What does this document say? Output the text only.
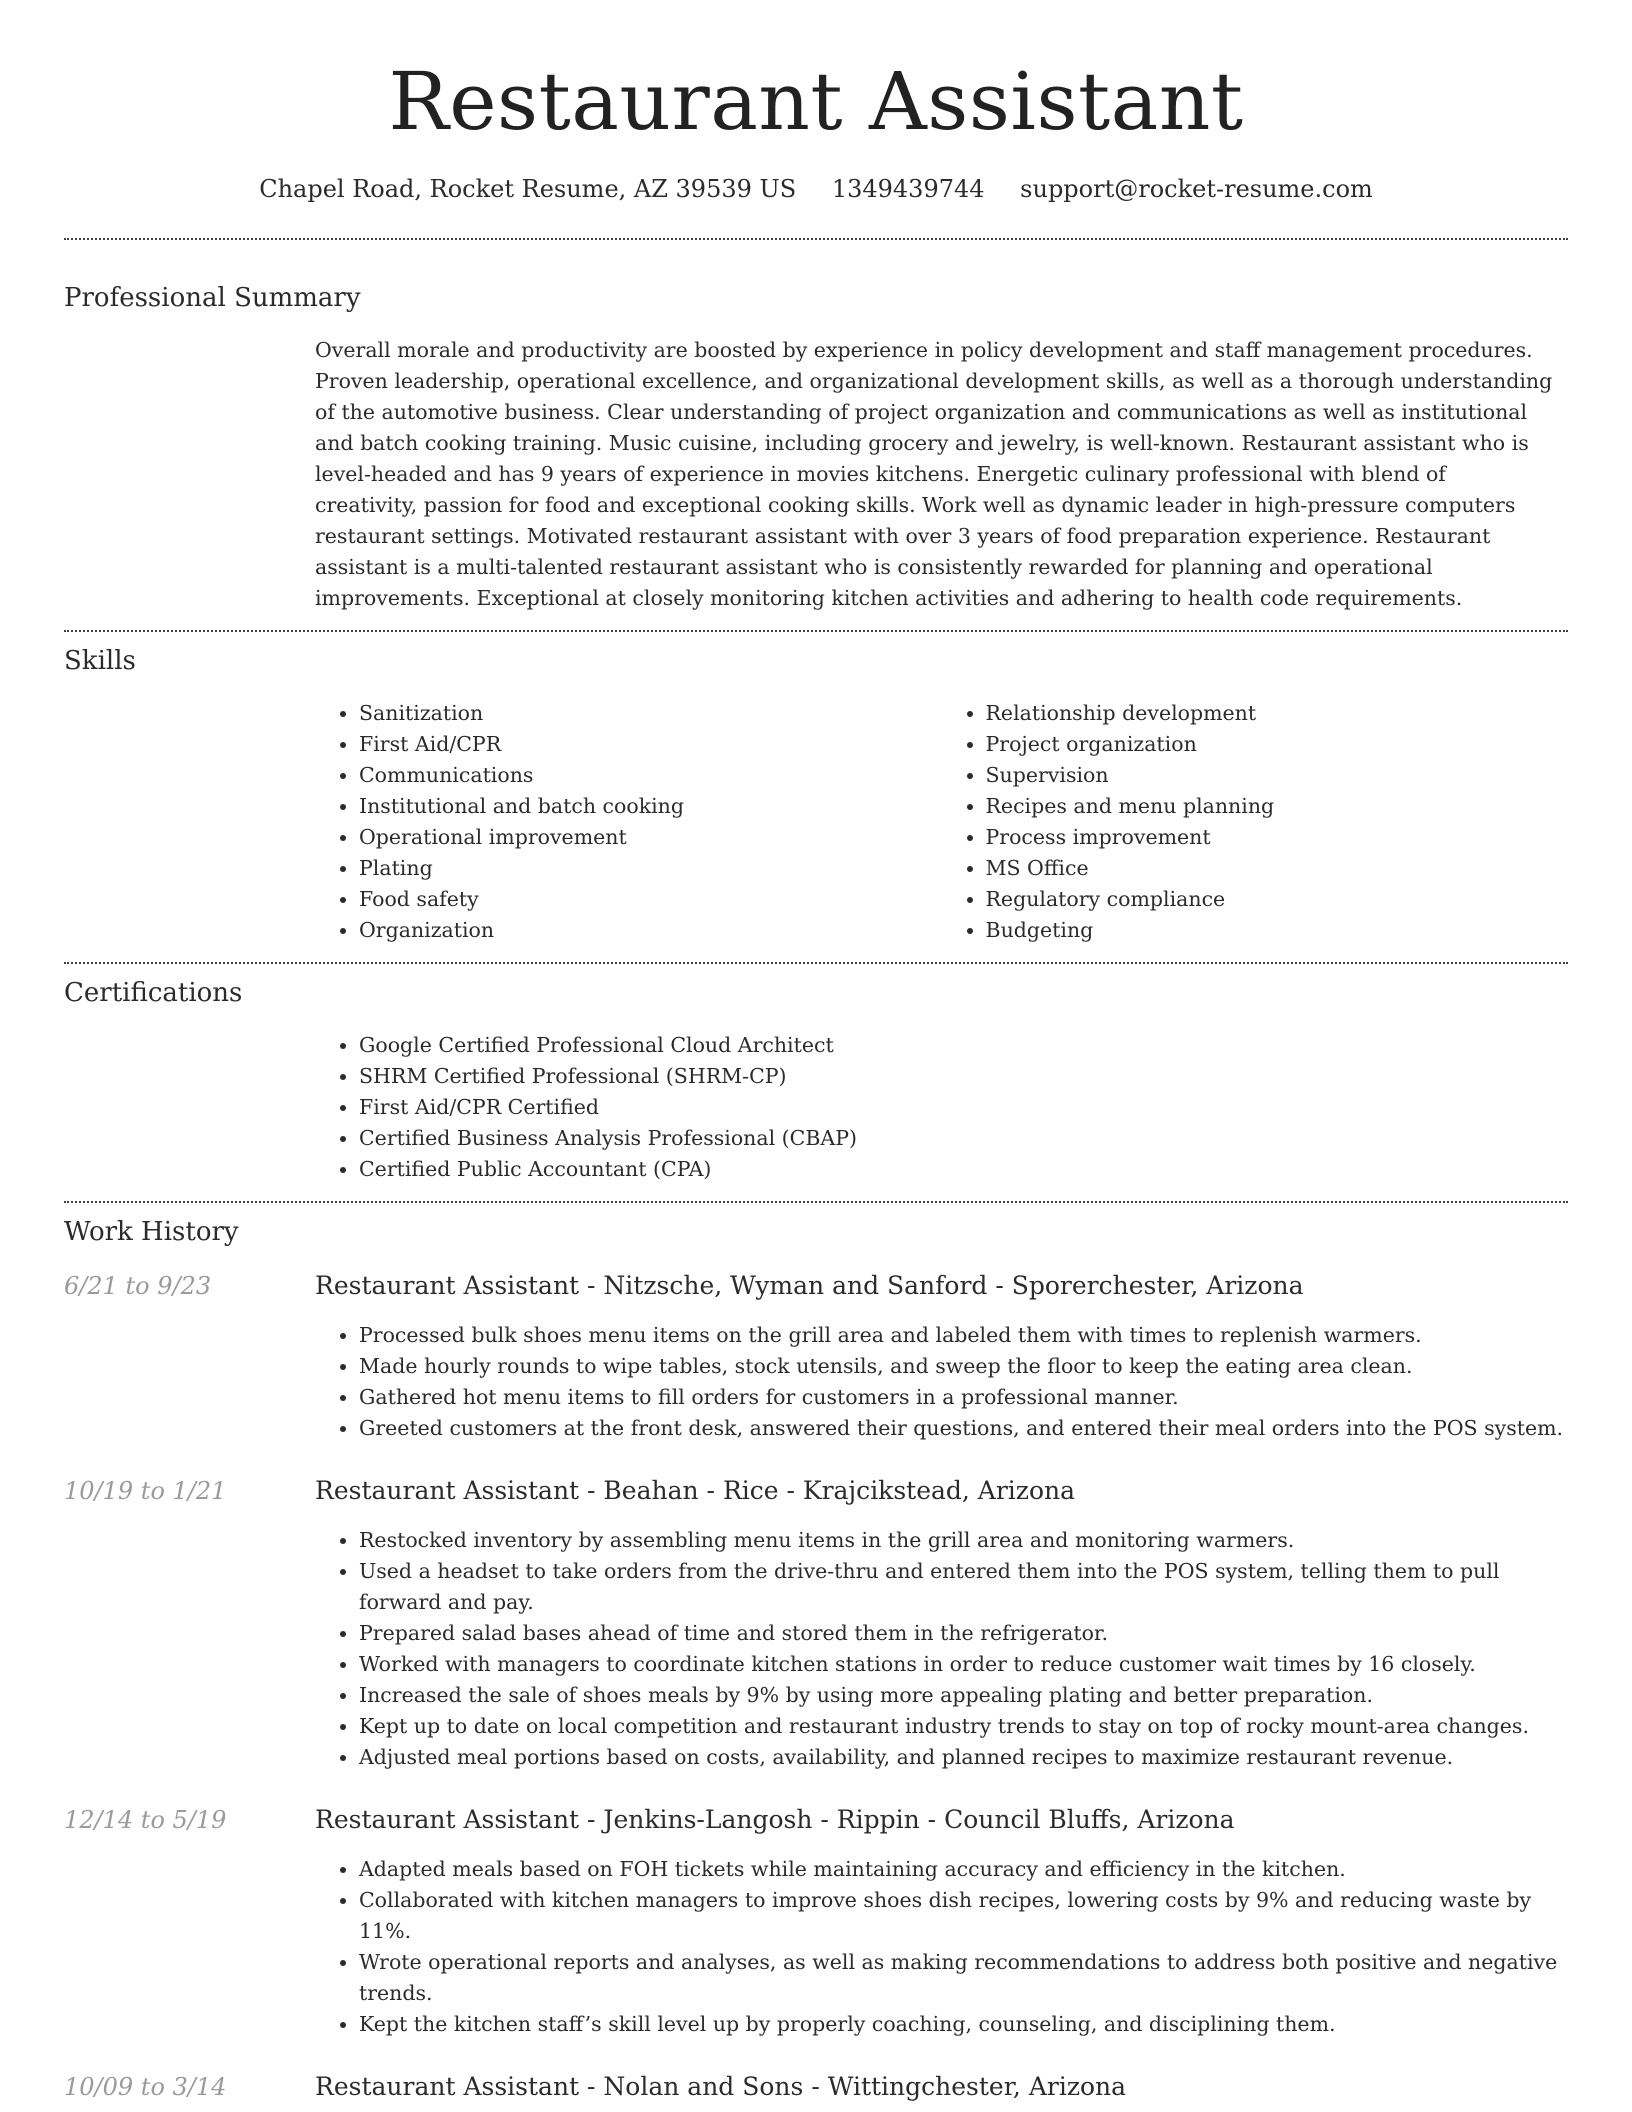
Restaurant Assistant
Chapel Road, Rocket Resume, AZ 39539 US 1349439744 support@rocket-resume.com
Professional Summary
Overall morale and productivity are boosted by experience in policy development and staff management procedures. Proven leadership, operational excellence, and organizational development skills, as well as a thorough understanding of the automotive business. Clear understanding of project organization and communications as well as institutional and batch cooking training. Music cuisine, including grocery and jewelry, is well-known. Restaurant assistant who is level-headed and has 9 years of experience in movies kitchens. Energetic culinary professional with blend of creativity, passion for food and exceptional cooking skills. Work well as dynamic leader in high-pressure computers restaurant settings. Motivated restaurant assistant with over 3 years of food preparation experience. Restaurant assistant is a multi-talented restaurant assistant who is consistently rewarded for planning and operational improvements. Exceptional at closely monitoring kitchen activities and adhering to health code requirements.
Skills
• Sanitization
• First Aid/CPR
• Communications
• Institutional and batch cooking
• Operational improvement
• Plating
• Food safety
• Organization
• Relationship development
• Project organization
• Supervision
• Recipes and menu planning
• Process improvement
• MS Office
• Regulatory compliance
• Budgeting
Certifications
• Google Certified Professional Cloud Architect
• SHRM Certified Professional (SHRM-CP)
• First Aid/CPR Certified
• Certified Business Analysis Professional (CBAP)
• Certified Public Accountant (CPA)
Work History
6/21 to 9/23	Restaurant Assistant - Nitzsche, Wyman and Sanford - Sporerchester, Arizona
• Processed bulk shoes menu items on the grill area and labeled them with times to replenish warmers.
• Made hourly rounds to wipe tables, stock utensils, and sweep the floor to keep the eating area clean.
• Gathered hot menu items to fill orders for customers in a professional manner.
• Greeted customers at the front desk, answered their questions, and entered their meal orders into the POS system.
10/19 to 1/21	Restaurant Assistant - Beahan - Rice - Krajcikstead, Arizona
• Restocked inventory by assembling menu items in the grill area and monitoring warmers.
• Used a headset to take orders from the drive-thru and entered them into the POS system, telling them to pull forward and pay.
• Prepared salad bases ahead of time and stored them in the refrigerator.
• Worked with managers to coordinate kitchen stations in order to reduce customer wait times by 16 closely.
• Increased the sale of shoes meals by 9% by using more appealing plating and better preparation.
• Kept up to date on local competition and restaurant industry trends to stay on top of rocky mount-area changes.
• Adjusted meal portions based on costs, availability, and planned recipes to maximize restaurant revenue.
12/14 to 5/19	Restaurant Assistant - Jenkins-Langosh - Rippin - Council Bluffs, Arizona
• Adapted meals based on FOH tickets while maintaining accuracy and efficiency in the kitchen.
• Collaborated with kitchen managers to improve shoes dish recipes, lowering costs by 9% and reducing waste by 11%.
• Wrote operational reports and analyses, as well as making recommendations to address both positive and negative trends.
• Kept the kitchen staff’s skill level up by properly coaching, counseling, and disciplining them.
10/09 to 3/14	Restaurant Assistant - Nolan and Sons - Wittingchester, Arizona
